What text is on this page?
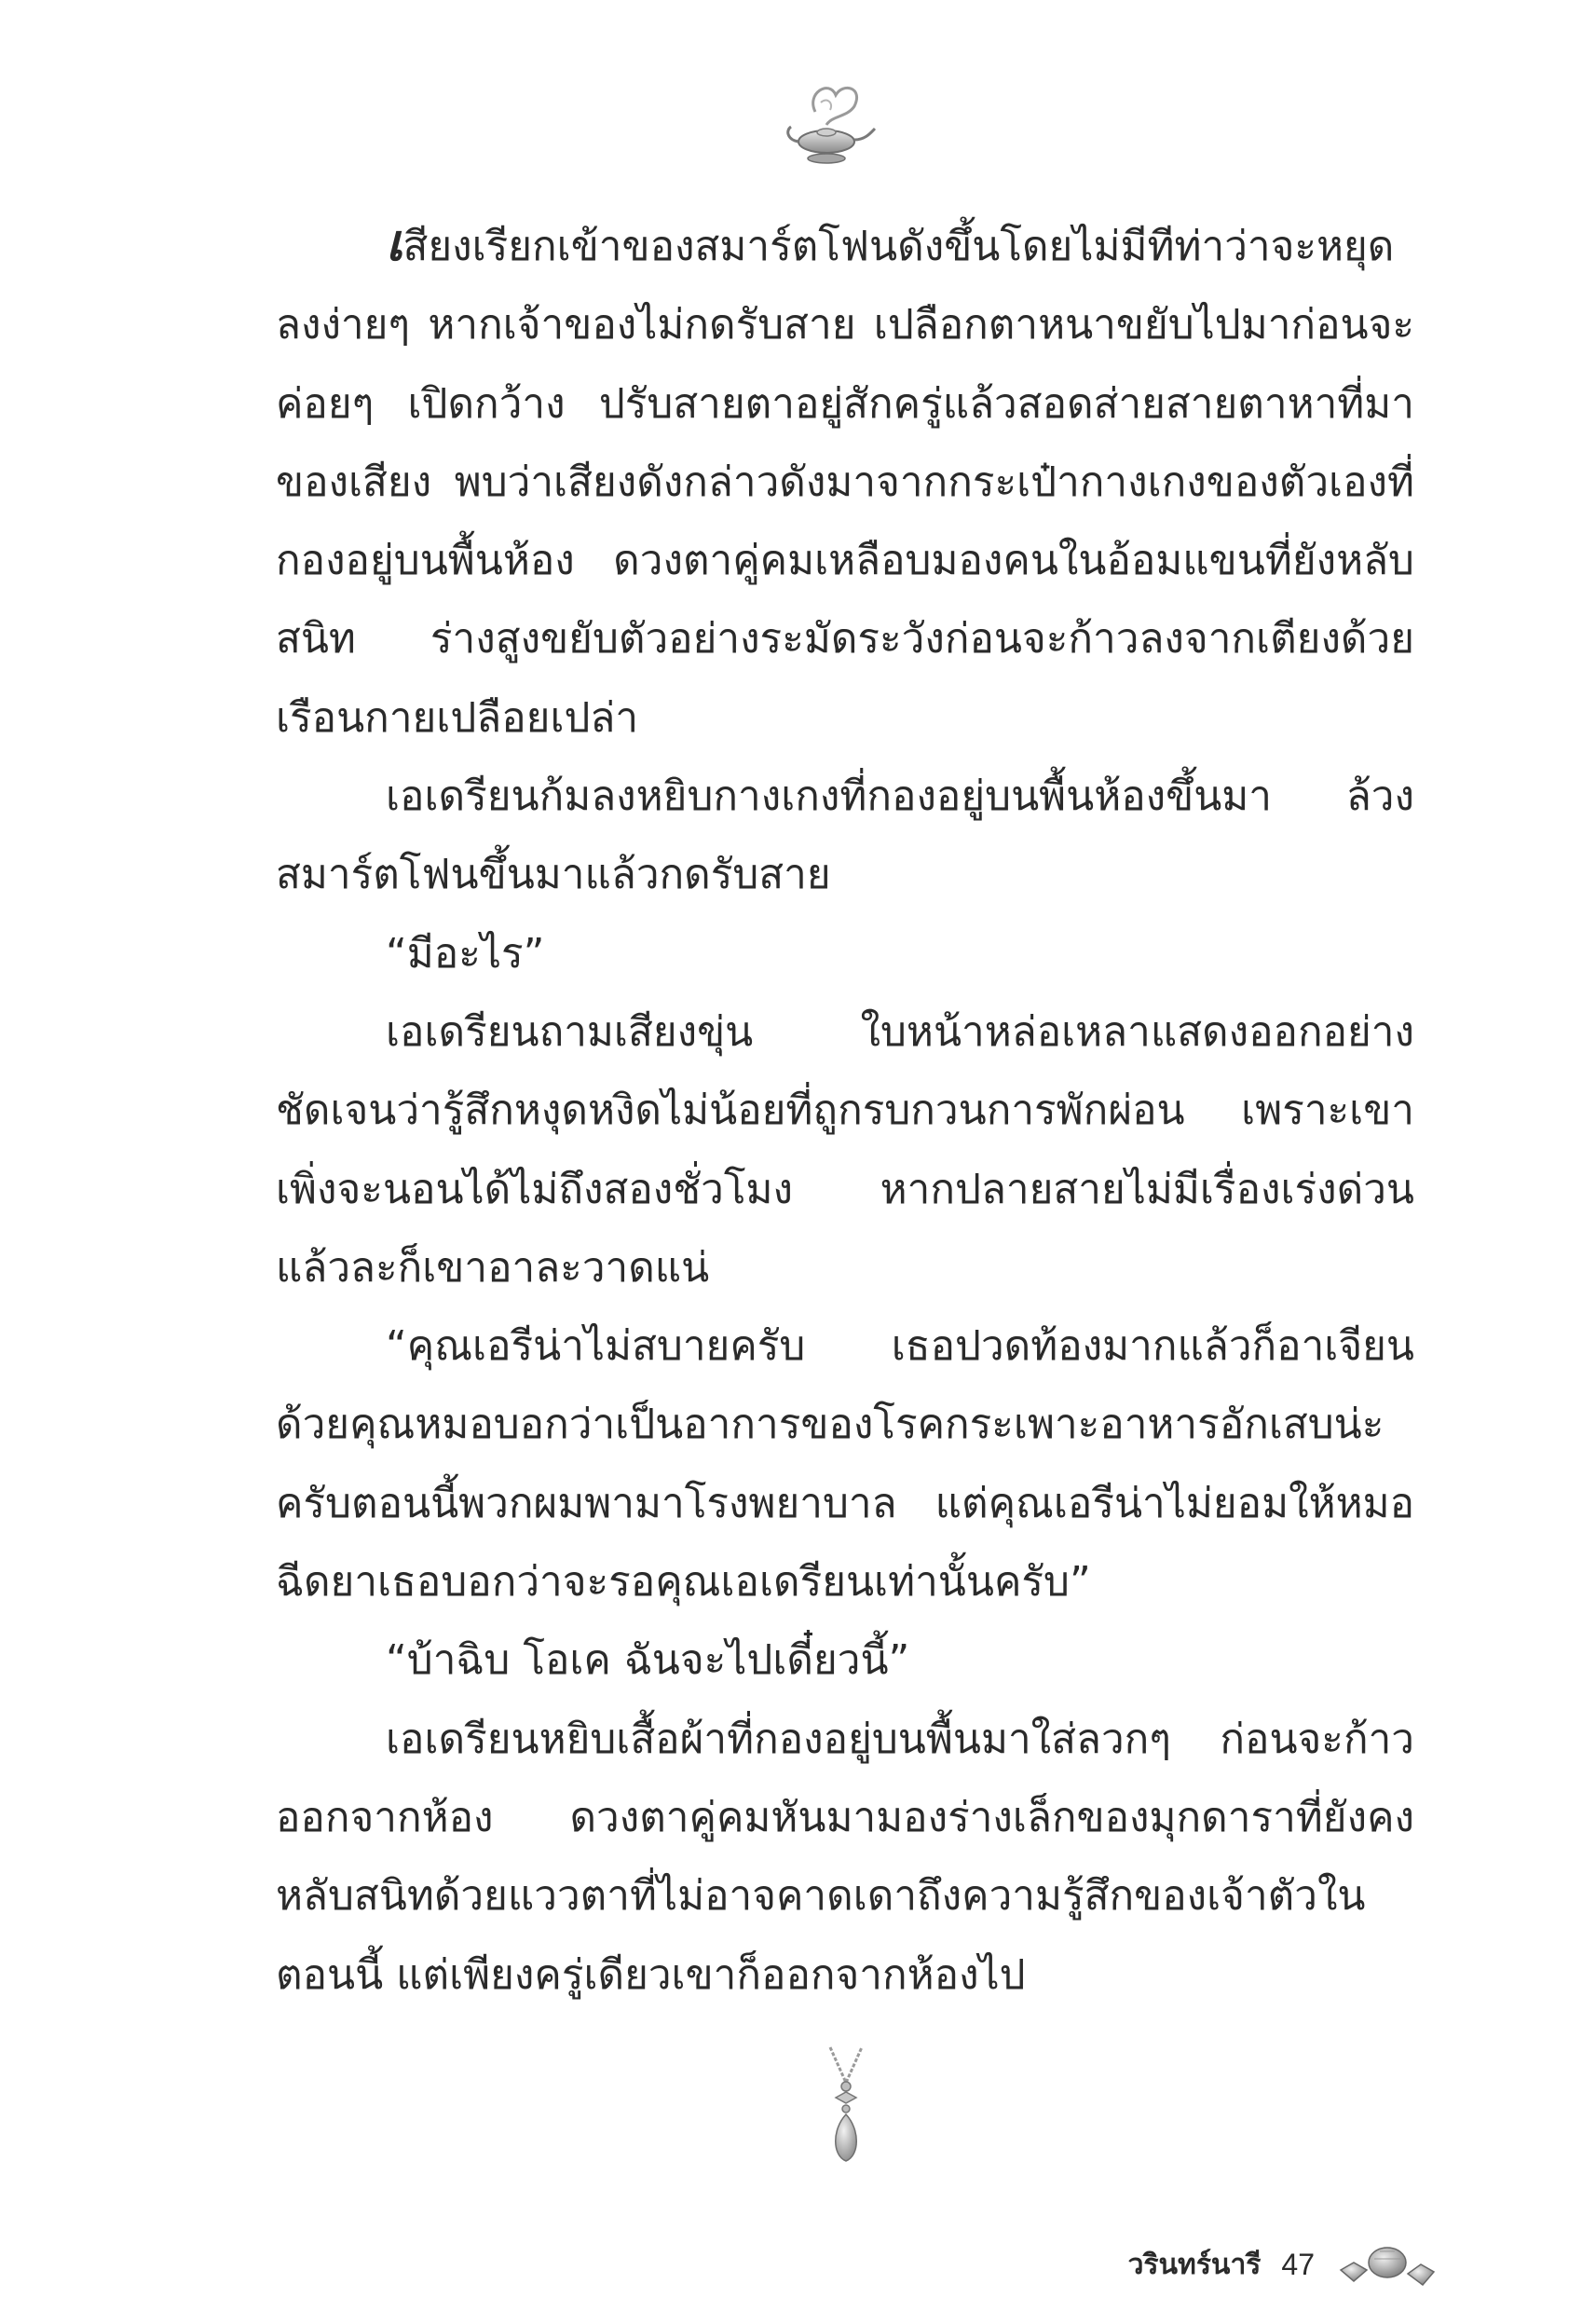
เสียงเรียกเข้าของสมาร์ตโฟนดังขึ้นโดยไม่มีทีท่าว่าจะหยุดลงง่ายๆ หากเจ้าของไม่กดรับสาย เปลือกตาหนาขยับไปมาก่อนจะค่อยๆ เปิดกว้าง ปรับสายตาอยู่สักครู่แล้วสอดส่ายสายตาหาที่มาของเสียง พบว่าเสียงดังกล่าวดังมาจากกระเป๋ากางเกงของตัวเองที่กองอยู่บนพื้นห้อง ดวงตาคู่คมเหลือบมองคนในอ้อมแขนที่ยังหลับสนิท ร่างสูงขยับตัวอย่างระมัดระวังก่อนจะก้าวลงจากเตียงด้วยเรือนกายเปลือยเปล่า

เอเดรียนก้มลงหยิบกางเกงที่กองอยู่บนพื้นห้องขึ้นมา ล้วงสมาร์ตโฟนขึ้นมาแล้วกดรับสาย

“มีอะไร”

เอเดรียนถามเสียงขุ่น ใบหน้าหล่อเหลาแสดงออกอย่างชัดเจนว่ารู้สึกหงุดหงิดไม่น้อยที่ถูกรบกวนการพักผ่อน เพราะเขาเพิ่งจะนอนได้ไม่ถึงสองชั่วโมง หากปลายสายไม่มีเรื่องเร่งด่วนแล้วละก็เขาอาละวาดแน่

“คุณเอรีน่าไม่สบายครับ เธอปวดท้องมากแล้วก็อาเจียนด้วยคุณหมอบอกว่าเป็นอาการของโรคกระเพาะอาหารอักเสบน่ะครับตอนนี้พวกผมพามาโรงพยาบาล แต่คุณเอรีน่าไม่ยอมให้หมอฉีดยาเธอบอกว่าจะรอคุณเอเดรียนเท่านั้นครับ”

“บ้าฉิบ โอเค ฉันจะไปเดี๋ยวนี้”

เอเดรียนหยิบเสื้อผ้าที่กองอยู่บนพื้นมาใส่ลวกๆ ก่อนจะก้าวออกจากห้อง ดวงตาคู่คมหันมามองร่างเล็กของมุกดาราที่ยังคงหลับสนิทด้วยแววตาที่ไม่อาจคาดเดาถึงความรู้สึกของเจ้าตัวในตอนนี้ แต่เพียงครู่เดียวเขาก็ออกจากห้องไป

วรินทร์นารี 47
